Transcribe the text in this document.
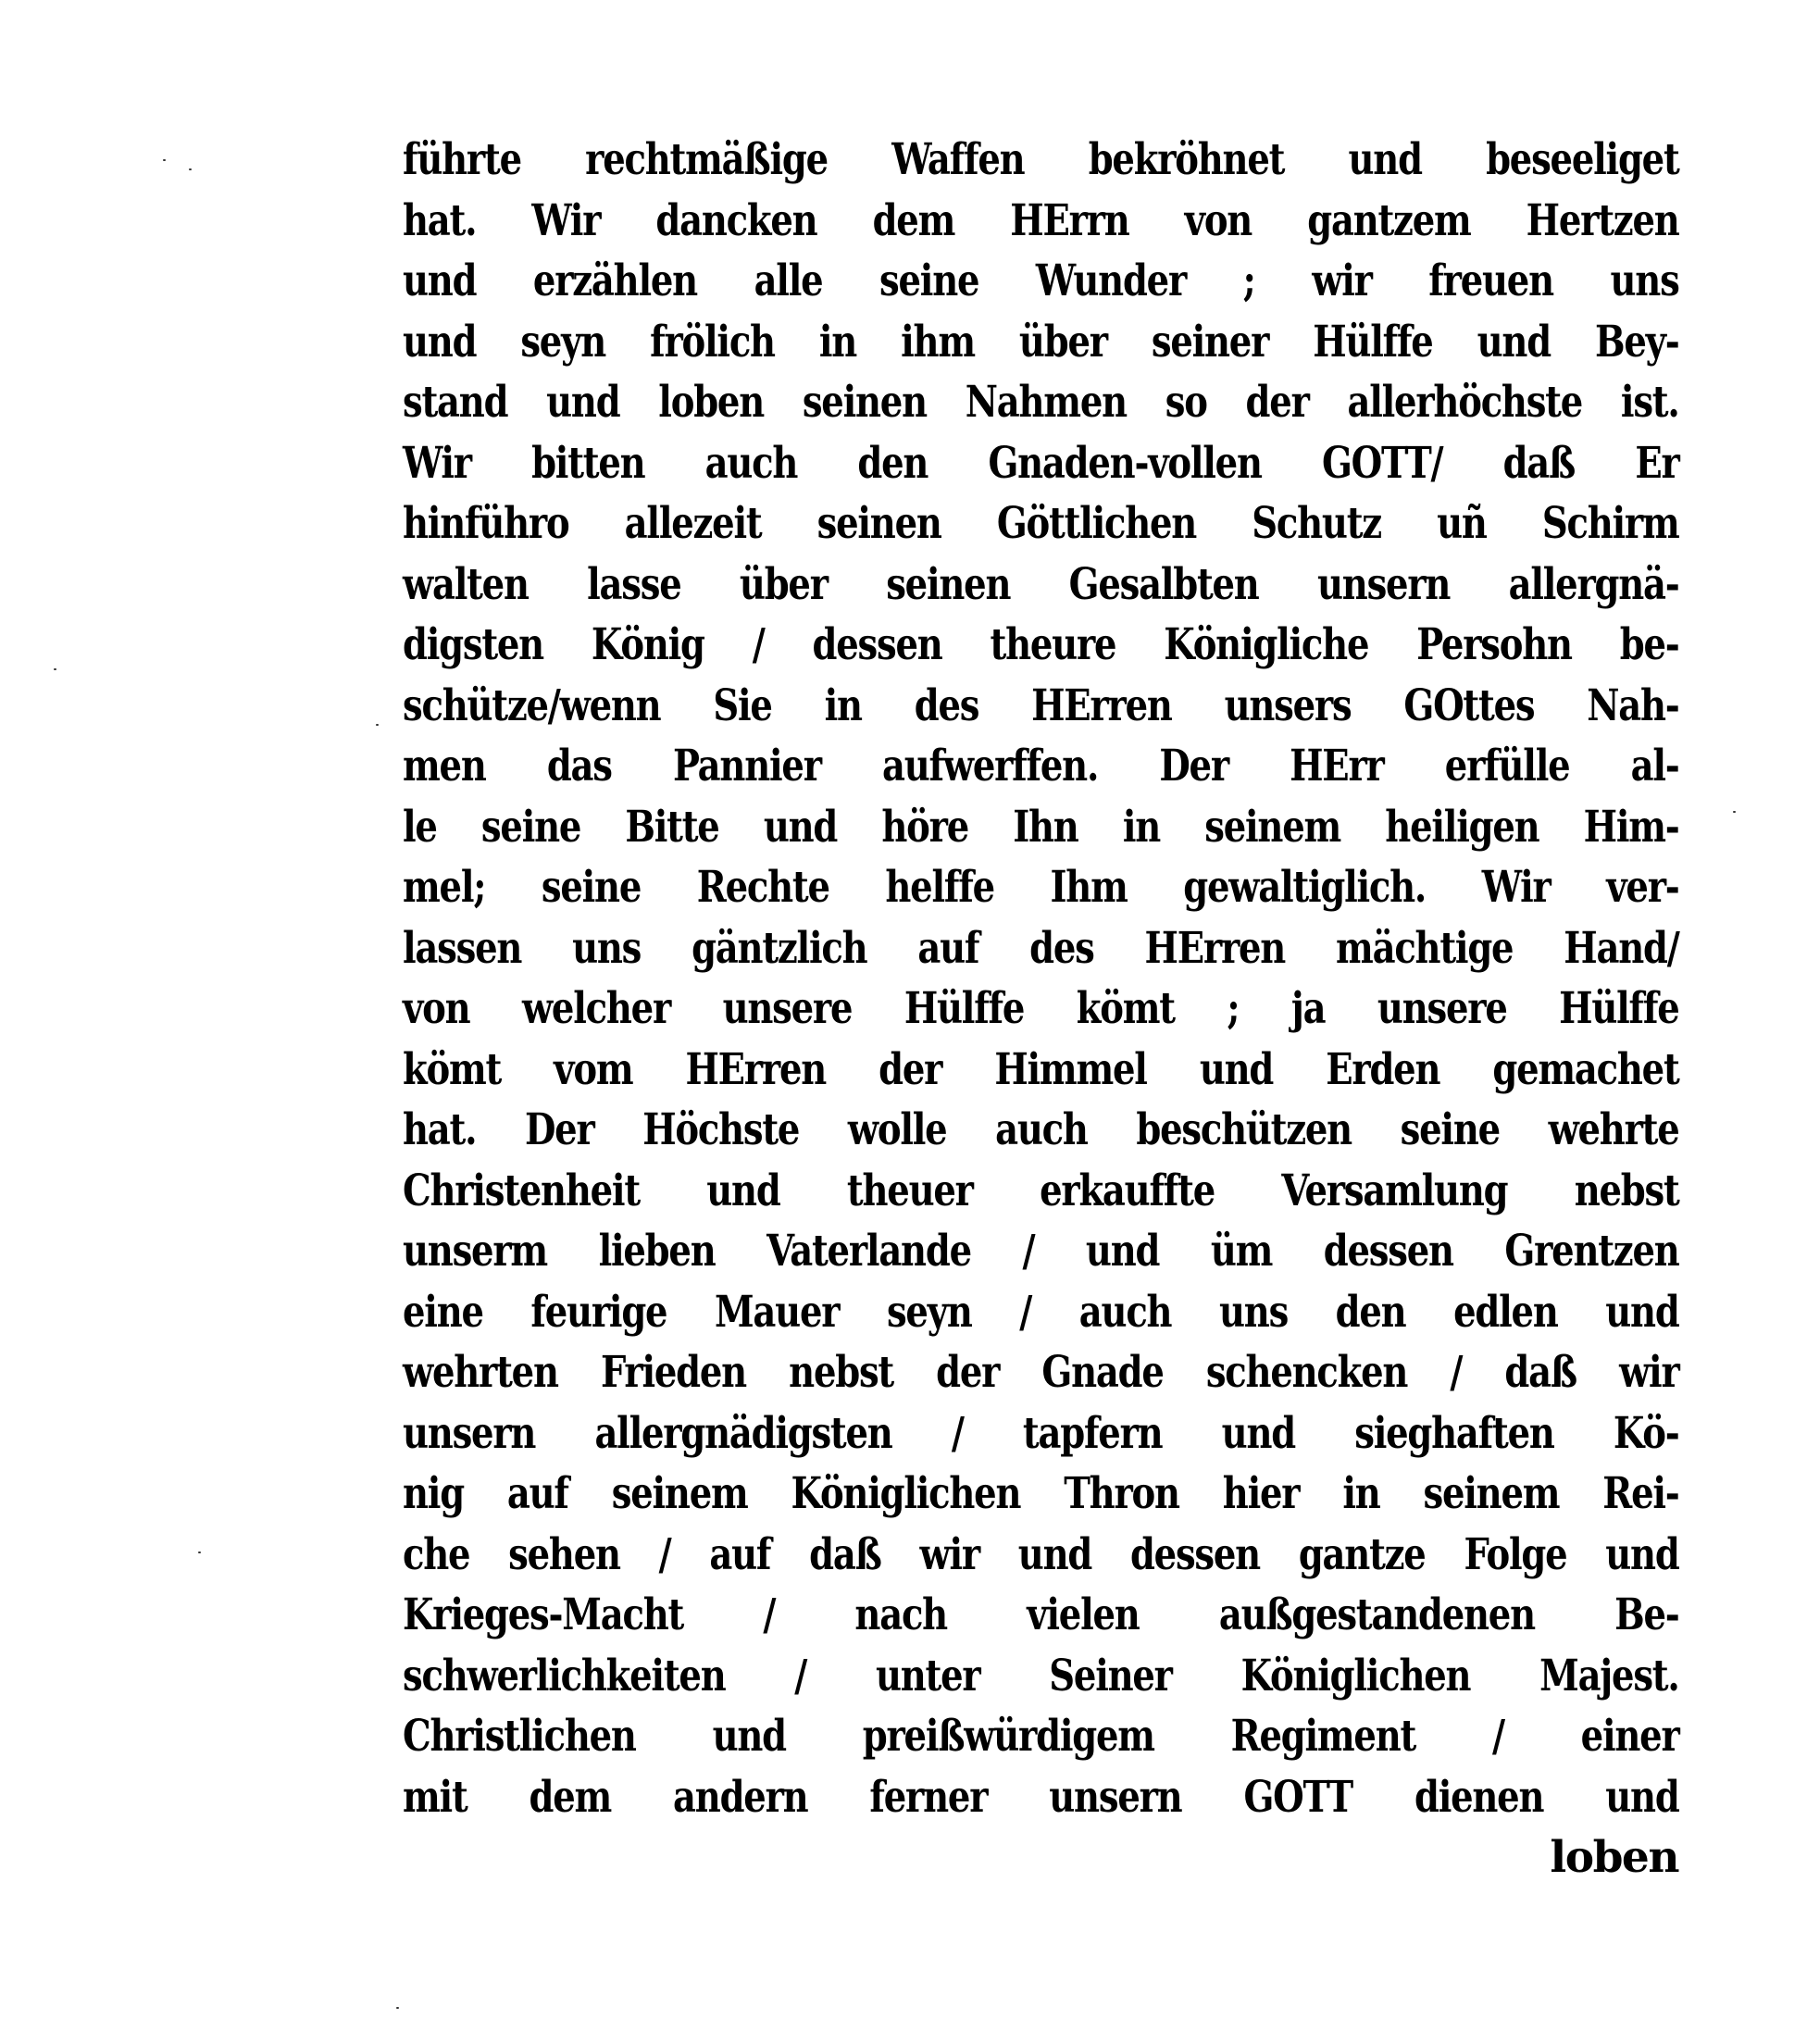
führte rechtmäßige Waffen bekröhnet und beseeliget
hat. Wir dancken dem HErrn von gantzem Hertzen
und erzählen alle seine Wunder ; wir freuen uns
und seyn frölich in ihm über seiner Hülffe und Bey-
stand und loben seinen Nahmen so der allerhöchste ist.
Wir bitten auch den Gnaden-vollen GOTT/ daß Er
hinführo allezeit seinen Göttlichen Schutz uñ Schirm
walten lasse über seinen Gesalbten unsern allergnä-
digsten König / dessen theure Königliche Persohn be-
schütze/wenn Sie in des HErren unsers GOttes Nah-
men das Pannier aufwerffen. Der HErr erfülle al-
le seine Bitte und höre Ihn in seinem heiligen Him-
mel; seine Rechte helffe Ihm gewaltiglich. Wir ver-
lassen uns gäntzlich auf des HErren mächtige Hand/
von welcher unsere Hülffe kömt ; ja unsere Hülffe
kömt vom HErren der Himmel und Erden gemachet
hat. Der Höchste wolle auch beschützen seine wehrte
Christenheit und theuer erkauffte Versamlung nebst
unserm lieben Vaterlande / und üm dessen Grentzen
eine feurige Mauer seyn / auch uns den edlen und
wehrten Frieden nebst der Gnade schencken / daß wir
unsern allergnädigsten / tapfern und sieghaften Kö-
nig auf seinem Königlichen Thron hier in seinem Rei-
che sehen / auf daß wir und dessen gantze Folge und
Krieges-Macht / nach vielen außgestandenen Be-
schwerlichkeiten / unter Seiner Königlichen Majest.
Christlichen und preißwürdigem Regiment / einer
mit dem andern ferner unsern GOTT dienen und
loben
